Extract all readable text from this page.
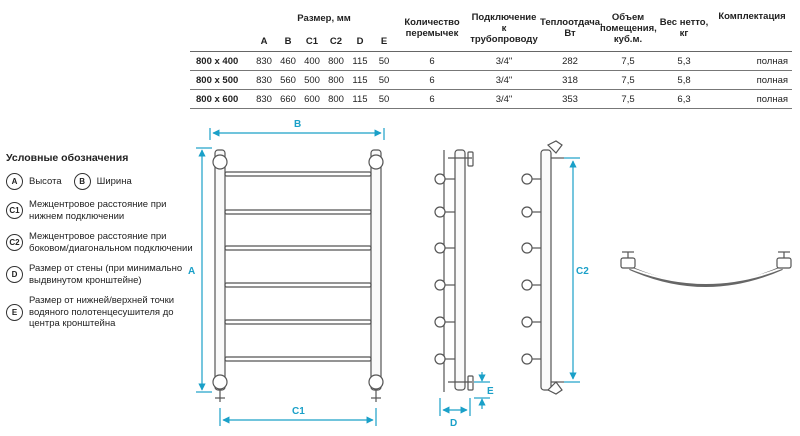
	Размер, мм						Количество перемычек	Подключение к трубопроводу	Теплоотдача, Вт	Объем помещения, куб.м.	Вес нетто, кг	Комплектация
	A	B	C1	C2	D	E						
800 x 400	830	460	400	800	115	50	6	3/4"	282	7,5	5,3	полная
800 x 500	830	560	500	800	115	50	6	3/4"	318	7,5	5,8	полная
800 x 600	830	660	600	800	115	50	6	3/4"	353	7,5	6,3	полная
Условные обозначения
A	Высота	B	Ширина
C1
Межцентровое расстояние при нижнем подключении
C2
Межцентровое расстояние при боковом/диагональном подключении
D
Размер от стены (при минимально выдвинутом кронштейне)
E
Размер от нижней/верхней точки водяного полотенцесушителя до центра кронштейна
B
A
C1
C2
D
E
